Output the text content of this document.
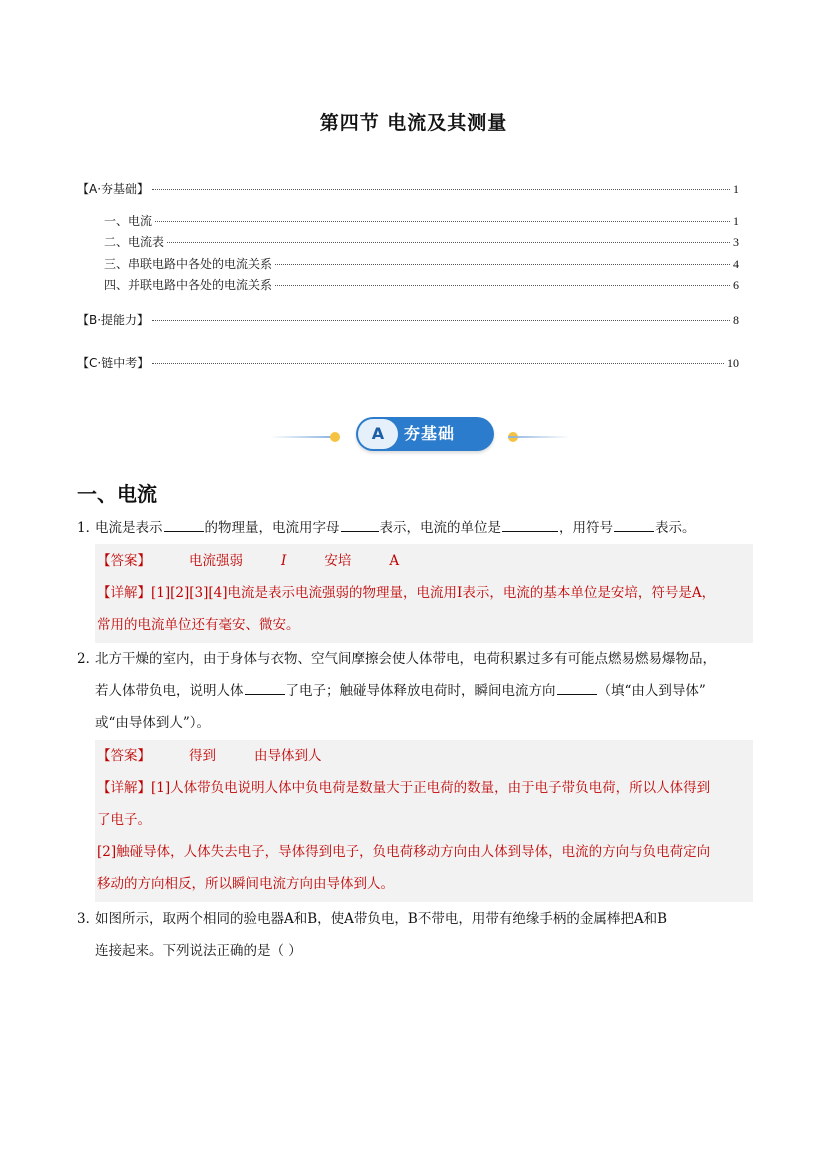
第四节 电流及其测量
【A·夯基础】	1
一、电流	1
二、电流表	3
三、串联电路中各处的电流关系	4
四、并联电路中各处的电流关系	6
【B·提能力】	8
【C·链中考】	10
A	夯基础
一、电流
1．电流是表示	的物理量，电流用字母	表示，电流的单位是	，用符号	表示。

【答案】	电流强弱	I	安培	A

【详解】[1][2][3][4]电流是表示电流强弱的物理量，电流用I表示，电流的基本单位是安培，符号是A，

常用的电流单位还有毫安、微安。

2．北方干燥的室内，由于身体与衣物、空气间摩擦会使人体带电，电荷积累过多有可能点燃易燃易爆物品，
若人体带负电，说明人体	了电子；触碰导体释放电荷时，瞬间电流方向	（填“由人到导体”
或“由导体到人”）。

【答案】	得到	由导体到人

【详解】[1]人体带负电说明人体中负电荷是数量大于正电荷的数量，由于电子带负电荷，所以人体得到

了电子。

[2]触碰导体，人体失去电子，导体得到电子，负电荷移动方向由人体到导体，电流的方向与负电荷定向

移动的方向相反，所以瞬间电流方向由导体到人。

3．如图所示，取两个相同的验电器A和B，使A带负电，B不带电，用带有绝缘手柄的金属棒把A和B
连接起来。下列说法正确的是（ ）
